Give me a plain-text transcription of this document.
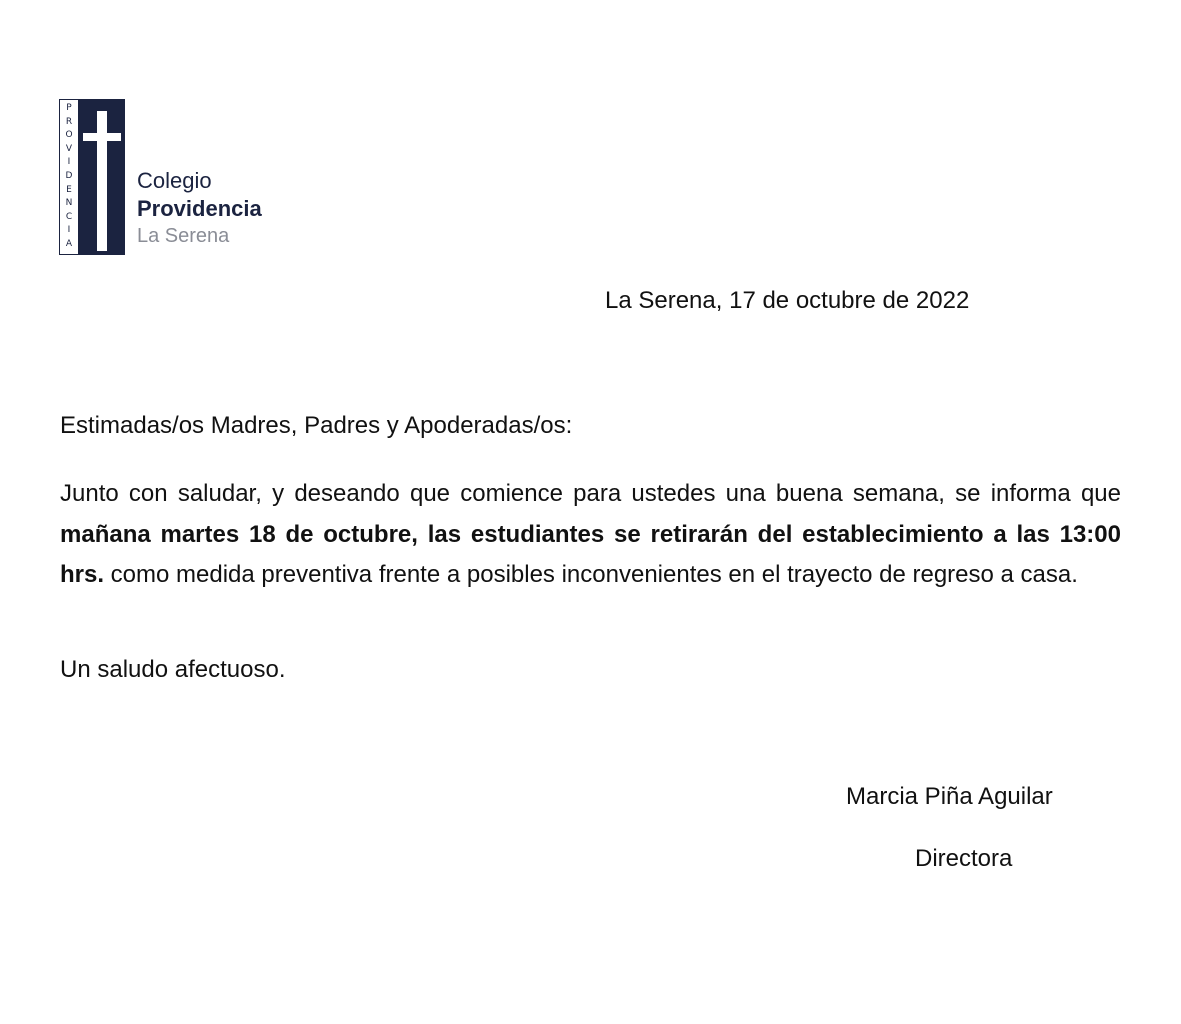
P
R
O
V
I
D
E
N
C
I
A
Colegio
Providencia
La Serena
La Serena, 17 de octubre de 2022
Estimadas/os Madres, Padres y Apoderadas/os:

Junto con saludar, y deseando que comience para ustedes una buena semana, se informa que mañana martes 18 de octubre, las estudiantes se retirarán del establecimiento a las 13:00 hrs. como medida preventiva frente a posibles inconvenientes en el trayecto de regreso a casa.

Un saludo afectuoso.
Marcia Piña Aguilar
Directora
